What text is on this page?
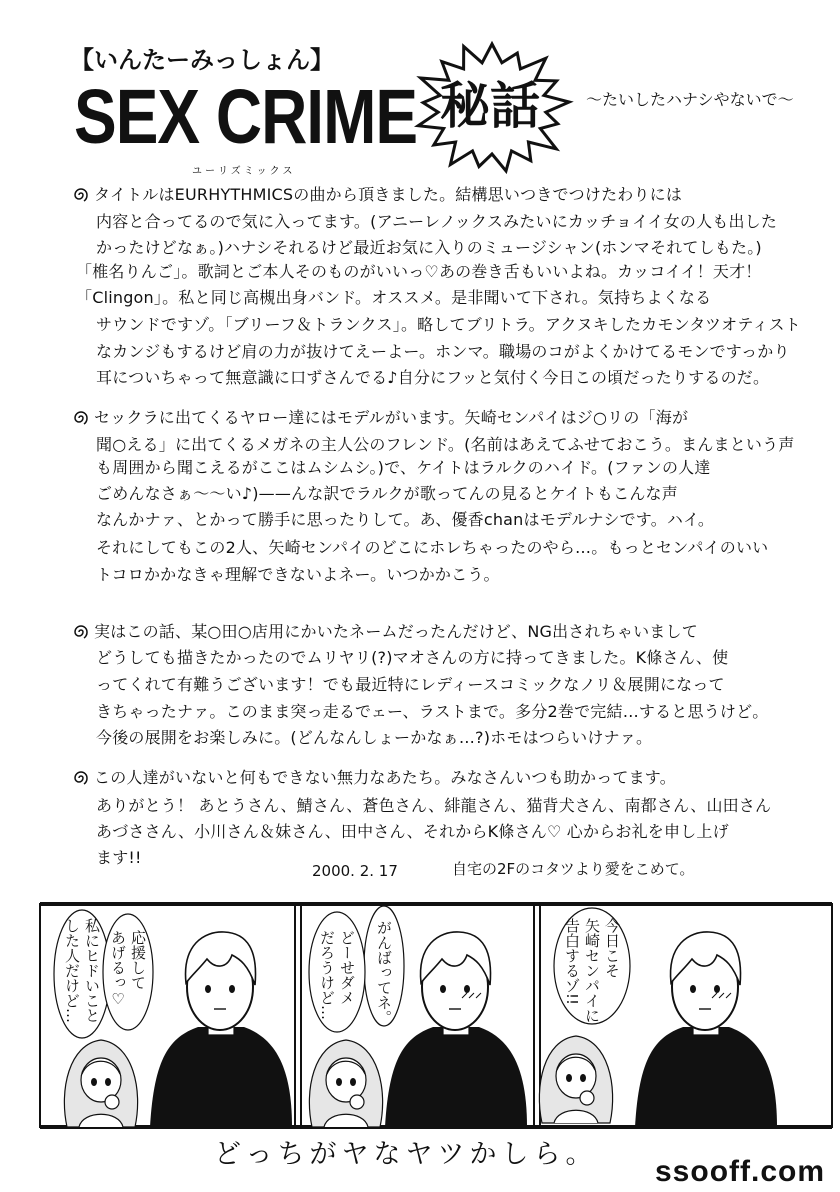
【いんたーみっしょん】
SEX CRIME 秘話	～たいしたハナシやないで～
ユーリズミックス
タイトルはEURHYTHMICSの曲から頂きました。結構思いつきでつけたわりには
内容と合ってるので気に入ってます。(アニーレノックスみたいにカッチョイイ女の人も出した
かったけどなぁ。)ハナシそれるけど最近お気に入りのミュージシャン(ホンマそれてしもた。)
「椎名りんご」。歌詞とご本人そのものがいいっ♡あの巻き舌もいいよね。カッコイイ！天才！
「Clingon」。私と同じ高槻出身バンド。オススメ。是非聞いて下され。気持ちよくなる
サウンドですゾ。「ブリーフ＆トランクス」。略してブリトラ。アクヌキしたカモンタツオティスト
なカンジもするけど肩の力が抜けてえーよー。ホンマ。職場のコがよくかけてるモンですっかり
耳についちゃって無意識に口ずさんでる♪自分にフッと気付く今日この頃だったりするのだ。
セックラに出てくるヤロー達にはモデルがいます。矢崎センパイはジ○リの「海が
聞○える」に出てくるメガネの主人公のフレンド。(名前はあえてふせておこう。まんまという声
も周囲から聞こえるがここはムシムシ。)で、ケイトはラルクのハイド。(ファンの人達
ごめんなさぁ～～い♪)——んな訳でラルクが歌ってんの見るとケイトもこんな声
なんかナァ、とかって勝手に思ったりして。あ、優香chanはモデルナシです。ハイ。
それにしてもこの2人、矢崎センパイのどこにホレちゃったのやら…。もっとセンパイのいい
トコロかかなきゃ理解できないよネー。いつかかこう。
実はこの話、某○田○店用にかいたネームだったんだけど、NG出されちゃいまして
どうしても描きたかったのでムリヤリ(?)マオさんの方に持ってきました。K條さん、使
ってくれて有難うございます！でも最近特にレディースコミックなノリ＆展開になって
きちゃったナァ。このまま突っ走るでェー、ラストまで。多分2巻で完結…すると思うけど。
今後の展開をお楽しみに。(どんなんしょーかなぁ…?)ホモはつらいけナァ。
この人達がいないと何もできない無力なあたち。みなさんいつも助かってます。
ありがとう！ あとうさん、鯖さん、蒼色さん、緋龍さん、猫背犬さん、南都さん、山田さん
あづささん、小川さん＆妹さん、田中さん、それからK條さん♡ 心からお礼を申し上げ
ます!!
2000. 2. 17	自宅の2Fのコタツより愛をこめて。
私にヒドいこと
した人だけど…	応援して
あげるっ♡	がんばってネ。
どーせダメ
だろうけど…	今日こそ
矢崎センパイに
告白するゾ!!
どっちがヤなヤツかしら。
ssooff.com
